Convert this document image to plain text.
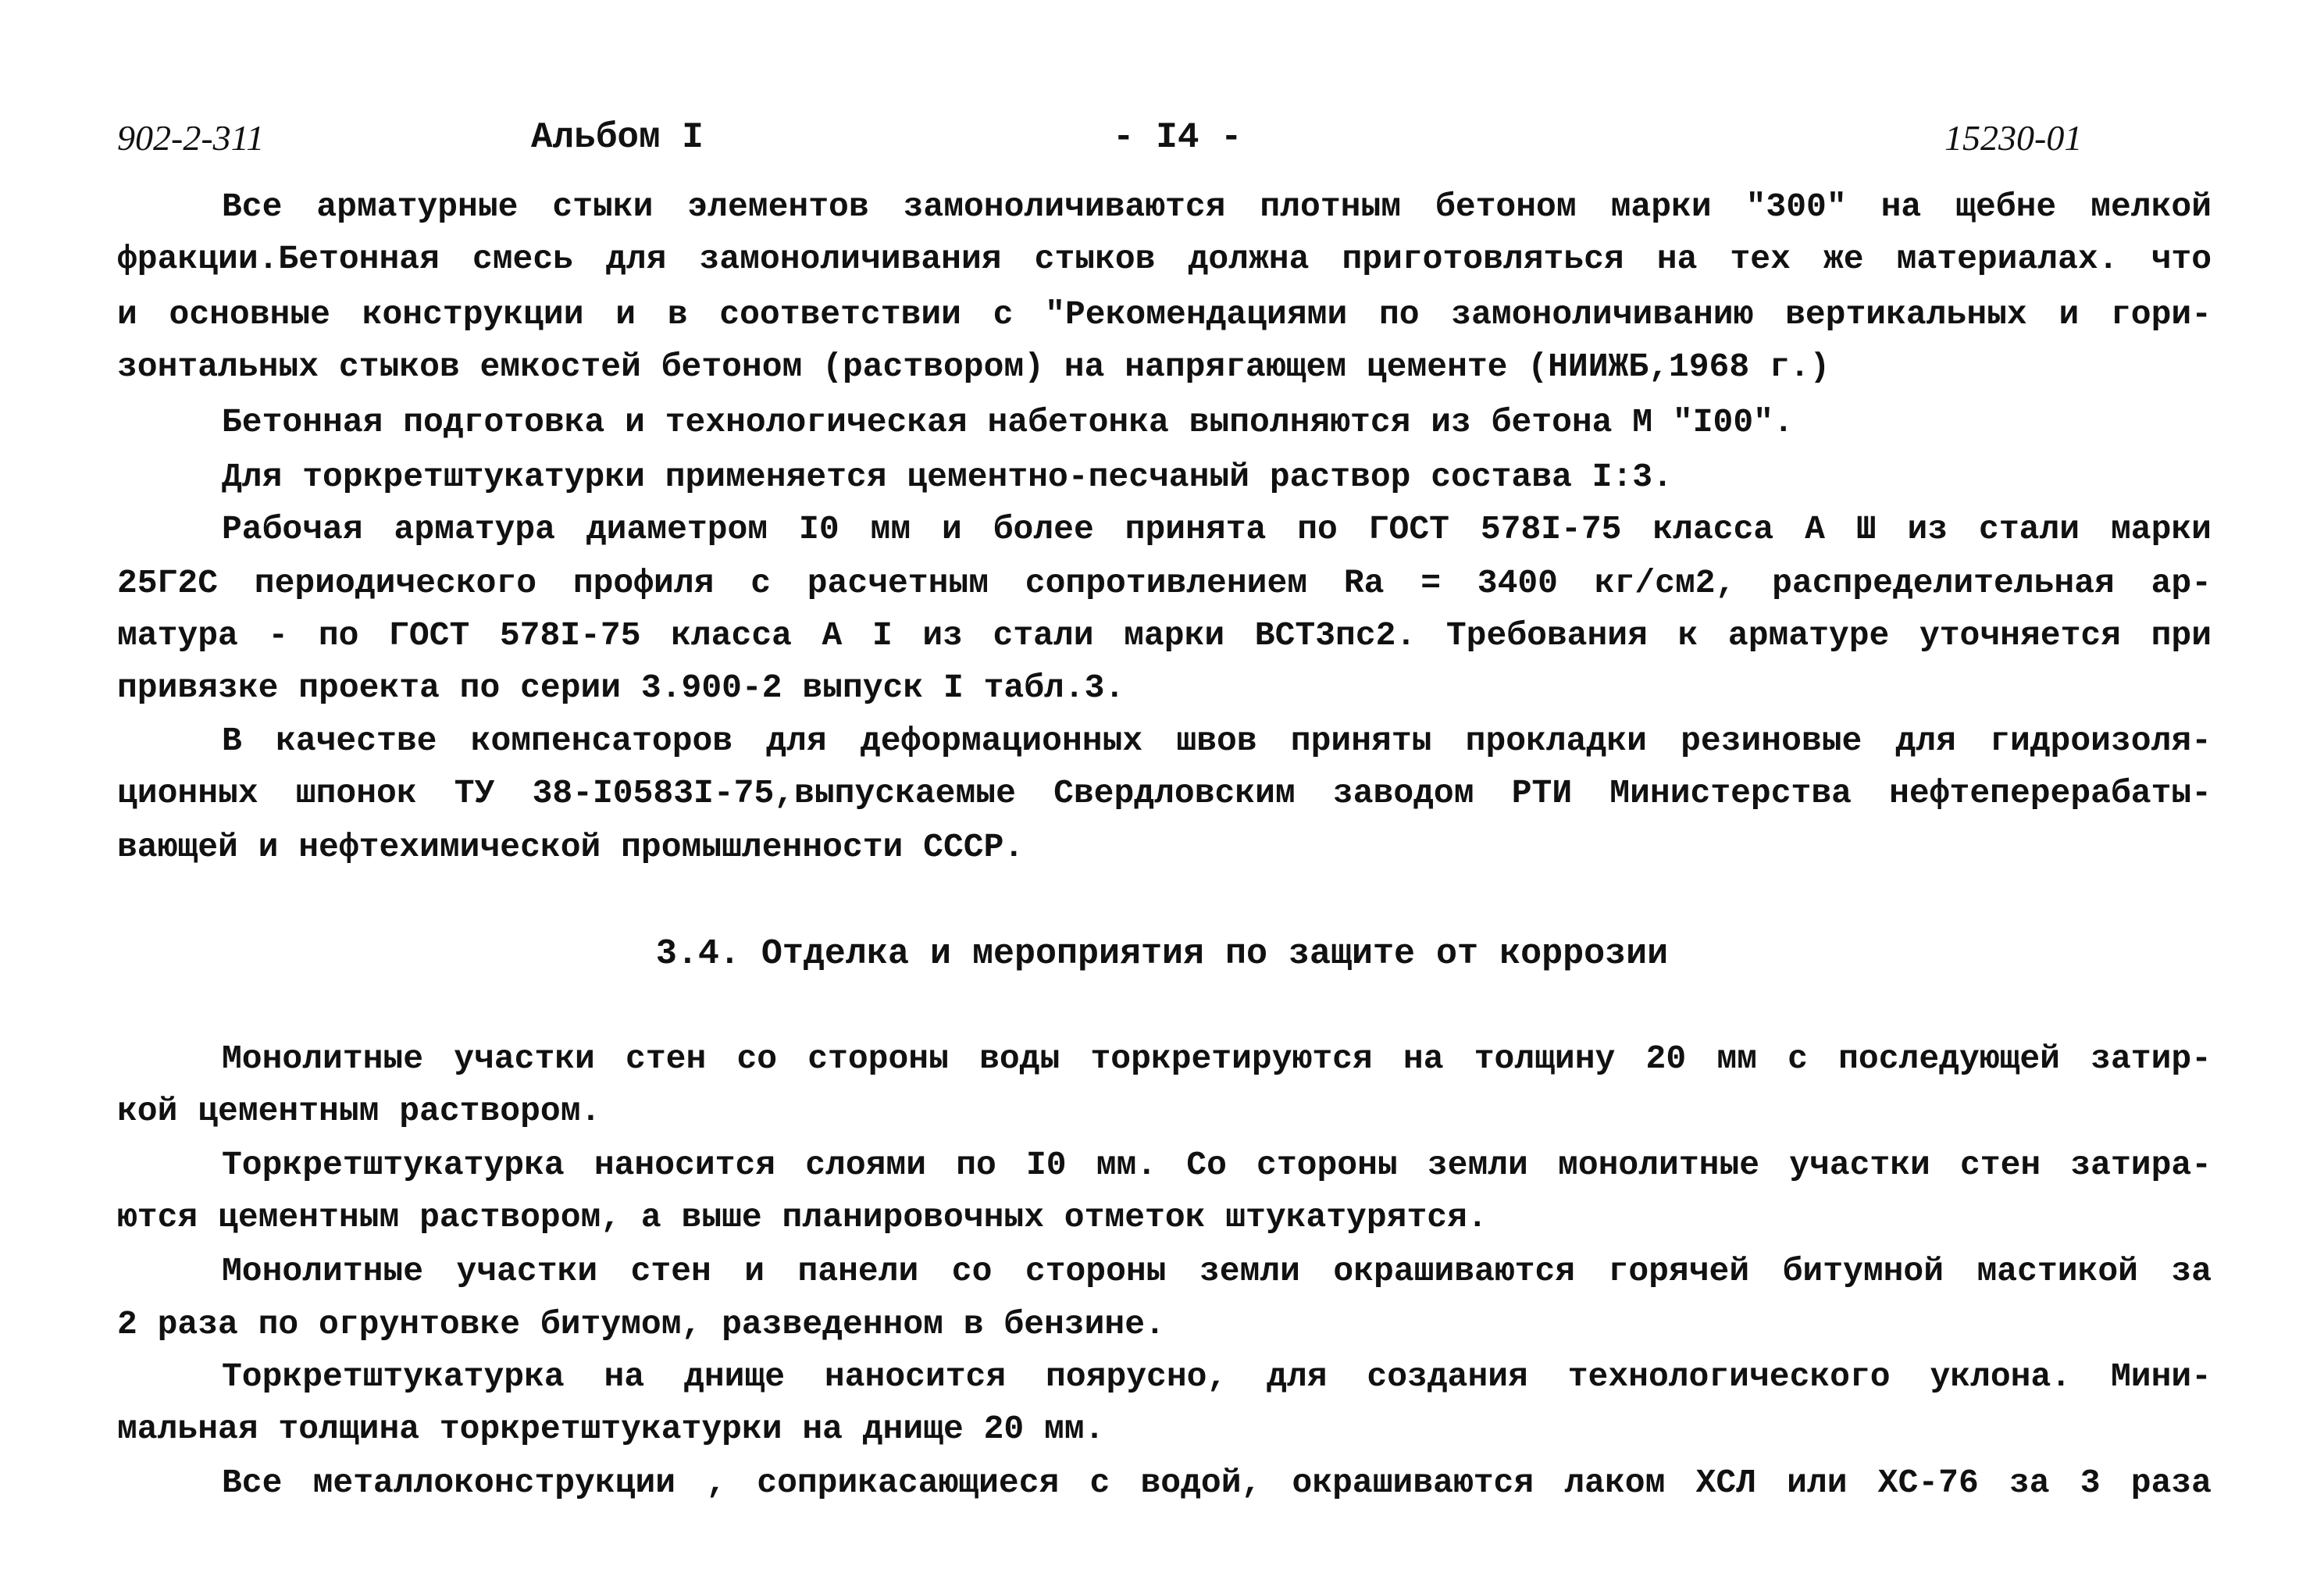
902-2-311	Альбом I	- I4 -	15230-01
Все арматурные стыки элементов замоноличиваются плотным бетоном марки "300" на щебне мелкой
фракции.Бетонная смесь для замоноличивания стыков должна приготовляться на тех же материалах. что
и основные конструкции и в соответствии с "Рекомендациями по замоноличиванию вертикальных и гори-
зонтальных стыков емкостей бетоном (раствором) на напрягающем цементе (НИИЖБ,1968 г.)
Бетонная подготовка и технологическая набетонка выполняются из бетона М "I00".
Для торкретштукатурки применяется цементно-песчаный раствор состава I:3.
Рабочая арматура диаметром I0 мм и более принята по ГОСТ 578I-75 класса А Ш из стали марки
25Г2С периодического профиля с расчетным сопротивлением Rа = 3400 кг/см2, распределительная ар-
матура - по ГОСТ 578I-75 класса А I из стали марки ВСТ3пс2. Требования к арматуре уточняется при
привязке проекта по серии 3.900-2 выпуск I табл.3.
В качестве компенсаторов для деформационных швов приняты прокладки резиновые для гидроизоля-
ционных шпонок ТУ 38-I0583I-75,выпускаемые Свердловским заводом РТИ Министерства нефтеперерабаты-
вающей и нефтехимической промышленности СССР.
3.4. Отделка и мероприятия по защите от коррозии
Монолитные участки стен со стороны воды торкретируются на толщину 20 мм с последующей затир-
кой цементным раствором.
Торкретштукатурка наносится слоями по I0 мм. Со стороны земли монолитные участки стен затира-
ются цементным раствором, а выше планировочных отметок штукатурятся.
Монолитные участки стен и панели со стороны земли окрашиваются горячей битумной мастикой за
2 раза по огрунтовке битумом, разведенном в бензине.
Торкретштукатурка на днище наносится поярусно, для создания технологического уклона. Мини-
мальная толщина торкретштукатурки на днище 20 мм.
Все металлоконструкции , соприкасающиеся с водой, окрашиваются лаком ХСЛ или ХС-76 за 3 раза
